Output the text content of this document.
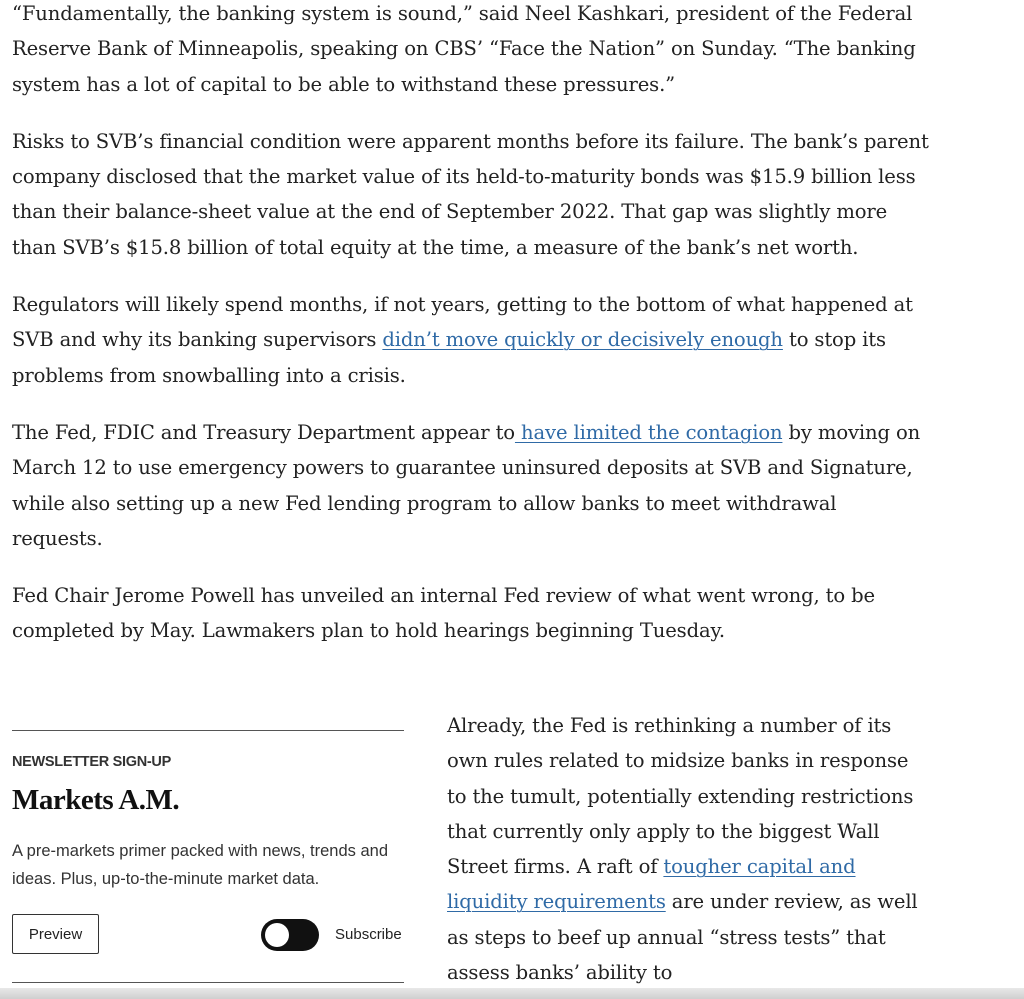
“Fundamentally, the banking system is sound,” said Neel Kashkari, president of the Federal Reserve Bank of Minneapolis, speaking on CBS’ “Face the Nation” on Sunday. “The banking system has a lot of capital to be able to withstand these pressures.”

Risks to SVB’s financial condition were apparent months before its failure. The bank’s parent company disclosed that the market value of its held-to-maturity bonds was $15.9 billion less than their balance-sheet value at the end of September 2022. That gap was slightly more than SVB’s $15.8 billion of total equity at the time, a measure of the bank’s net worth.

Regulators will likely spend months, if not years, getting to the bottom of what happened at SVB and why its banking supervisors didn’t move quickly or decisively enough to stop its problems from snowballing into a crisis.

The Fed, FDIC and Treasury Department appear to have limited the contagion by moving on March 12 to use emergency powers to guarantee uninsured deposits at SVB and Signature, while also setting up a new Fed lending program to allow banks to meet withdrawal requests.

Fed Chair Jerome Powell has unveiled an internal Fed review of what went wrong, to be completed by May. Lawmakers plan to hold hearings beginning Tuesday.

NEWSLETTER SIGN-UP
Markets A.M.
A pre-markets primer packed with news, trends and ideas. Plus, up-to-the-minute market data.
Preview	Subscribe
Already, the Fed is rethinking a number of its own rules related to midsize banks in response to the tumult, potentially extending restrictions that currently only apply to the biggest Wall Street firms. A raft of tougher capital and liquidity requirements are under review, as well as steps to beef up annual “stress tests” that assess banks’ ability to
